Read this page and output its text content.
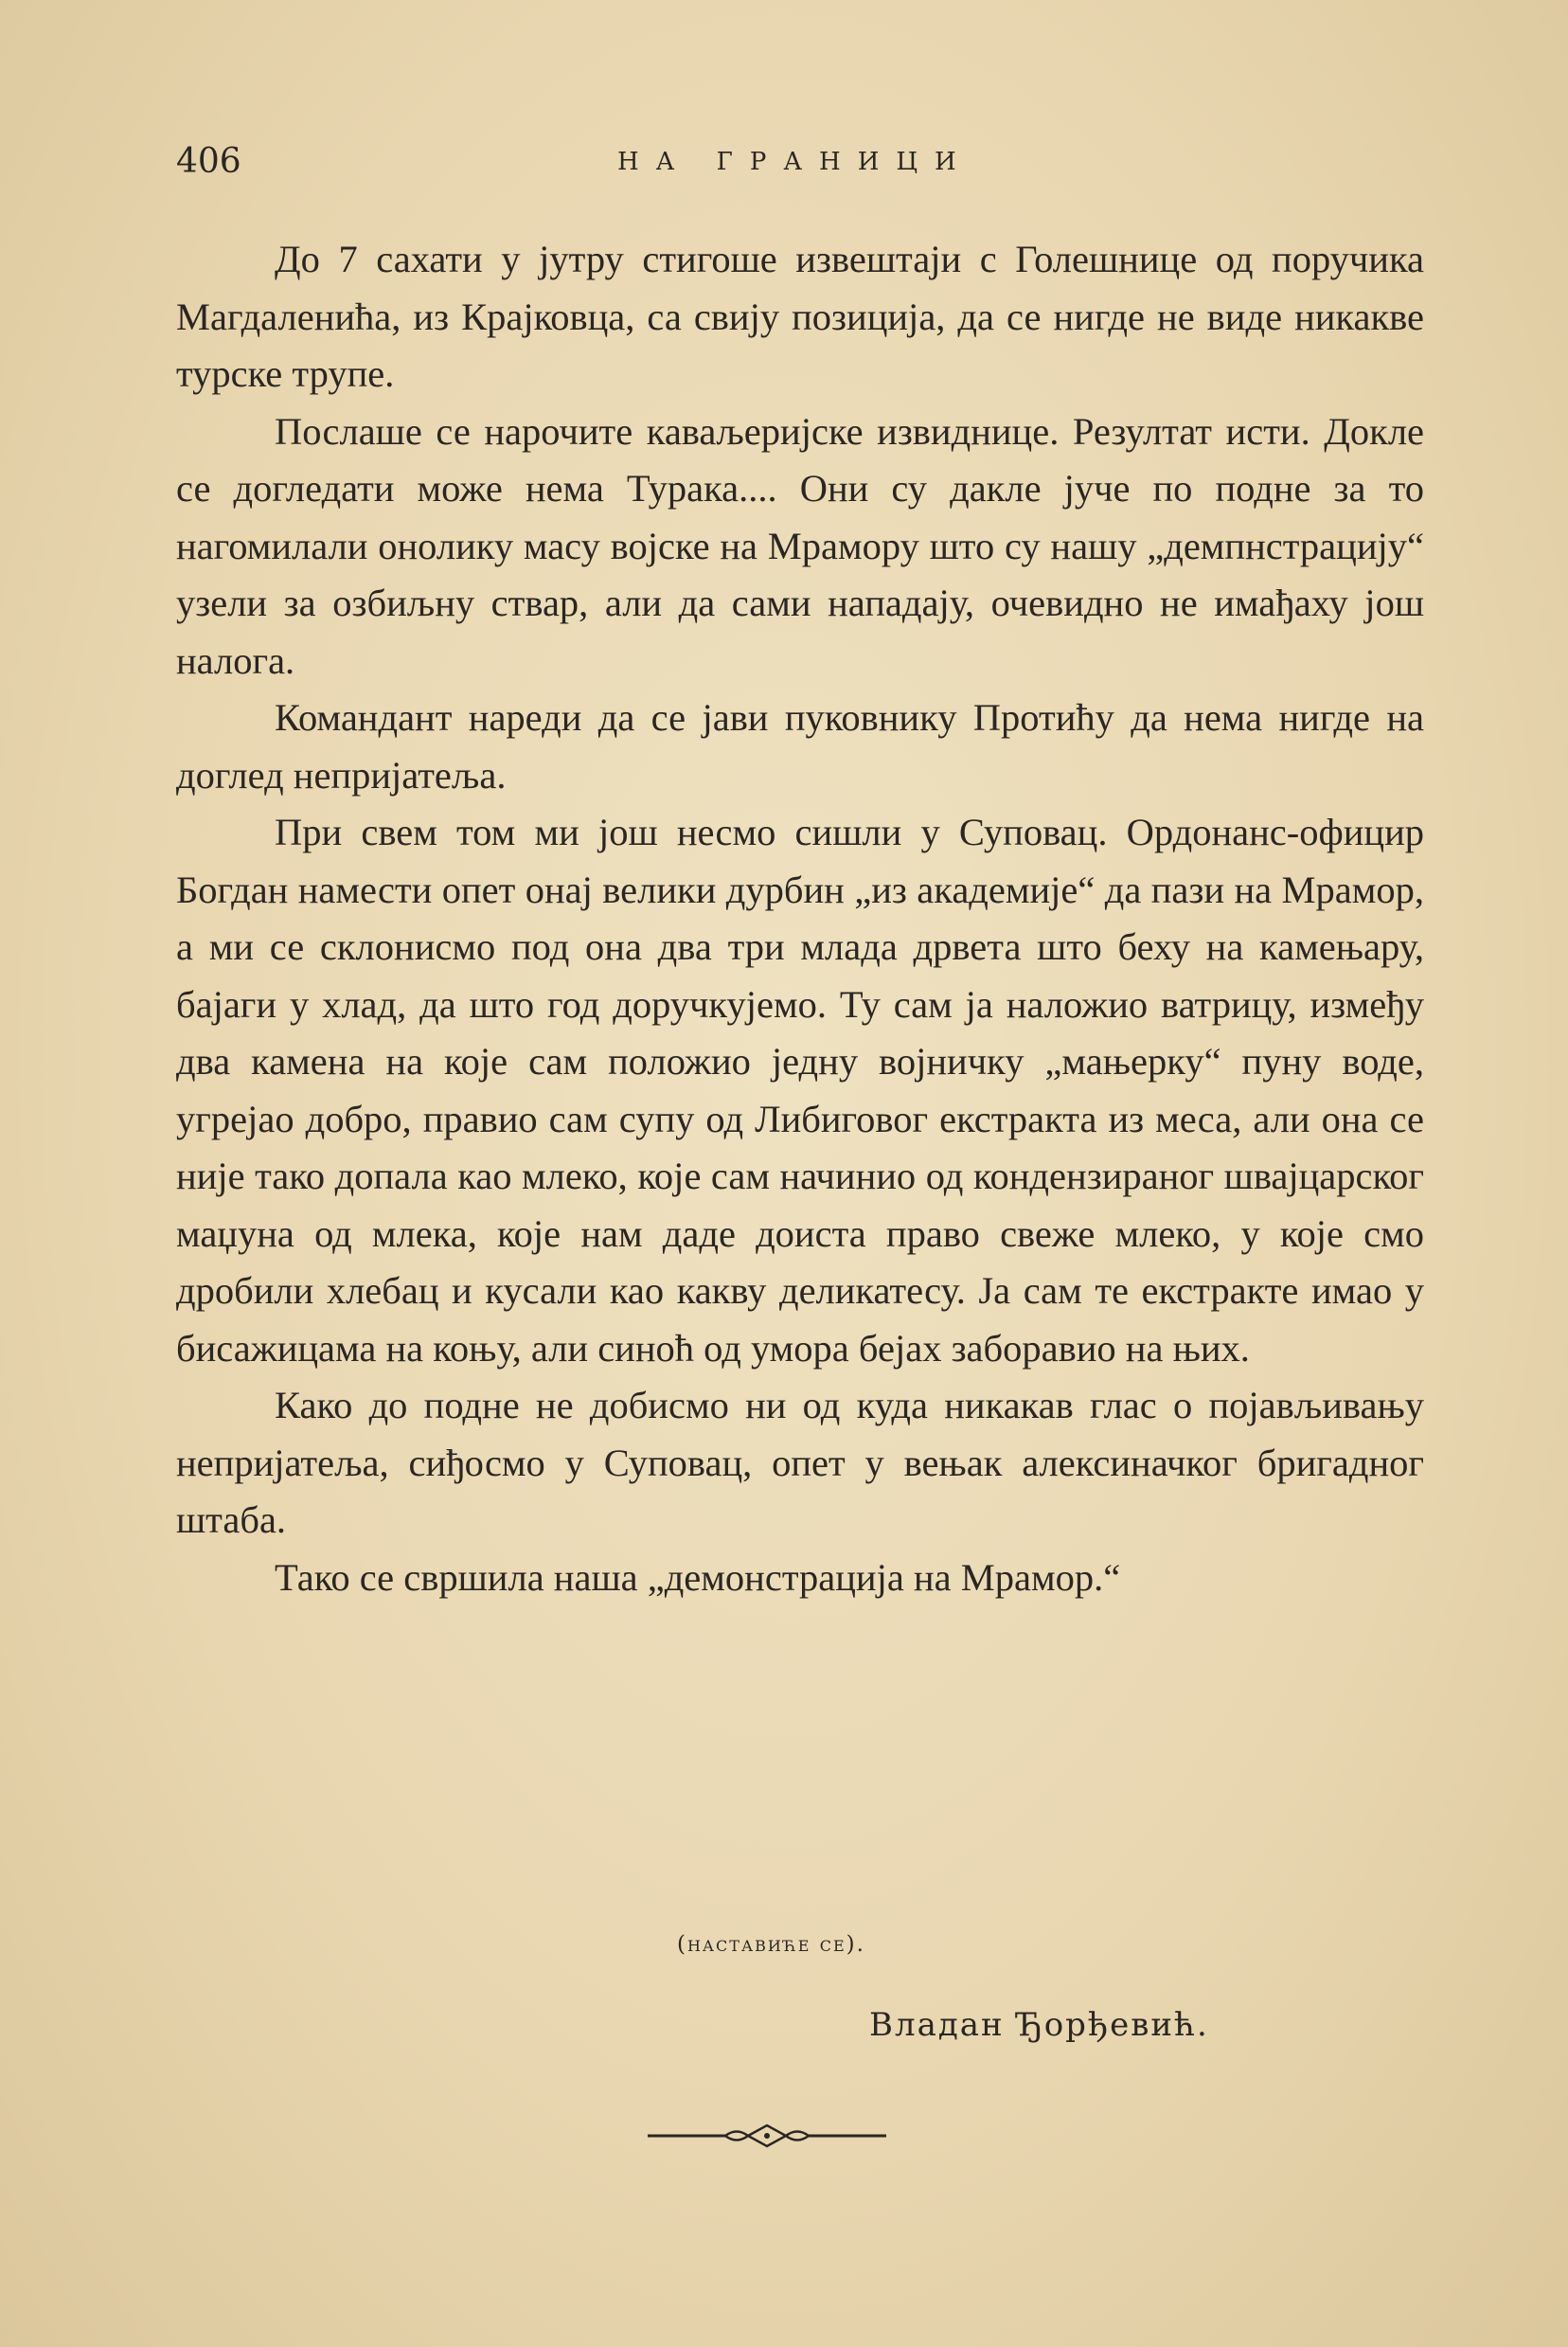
406	НА ГРАНИЦИ

До 7 сахати у јутру стигоше извештаји с Голешнице од поручика Магдаленића, из Крајковца, са свију позиција, да се нигде не виде никакве турске трупе.

Послаше се нарочите каваљеријске извиднице. Резултат исти. Докле се догледати може нема Турака.... Они су дакле јуче по подне за то нагомилали онолику масу војске на Мрамору што су нашу „демпнстрацију“ узели за озбиљну ствар, али да сами нападају, очевидно не имађаху још налога.

Командант нареди да се јави пуковнику Протићу да нема нигде на доглед непријатеља.

При свем том ми још несмо сишли у Суповац. Ордонанс-официр Богдан намести опет онај велики дурбин „из академије“ да пази на Мрамор, а ми се склонисмо под она два три млада дрвета што беху на камењару, бајаги у хлад, да што год доручкујемо. Ту сам ја наложио ватрицу, између два камена на које сам положио једну војничку „мањерку“ пуну воде, угрејао добро, правио сам супу од Либиговог екстракта из меса, али она се није тако допала као млеко, које сам начинио од кондензираног швајцарског маџуна од млека, које нам даде доиста право свеже млеко, у које смо дробили хлебац и кусали као какву деликатесу. Ја сам те екстракте имао у бисажицама на коњу, али синоћ од умора бејах заборавио на њих.

Како до подне не добисмо ни од куда никакав глас о појављивању непријатеља, сиђосмо у Суповац, опет у вењак алексиначког бригадног штаба.

Тако се свршила наша „демонстрација на Мрамор.“

(наставиће се).
Владан Ђорђевић.
